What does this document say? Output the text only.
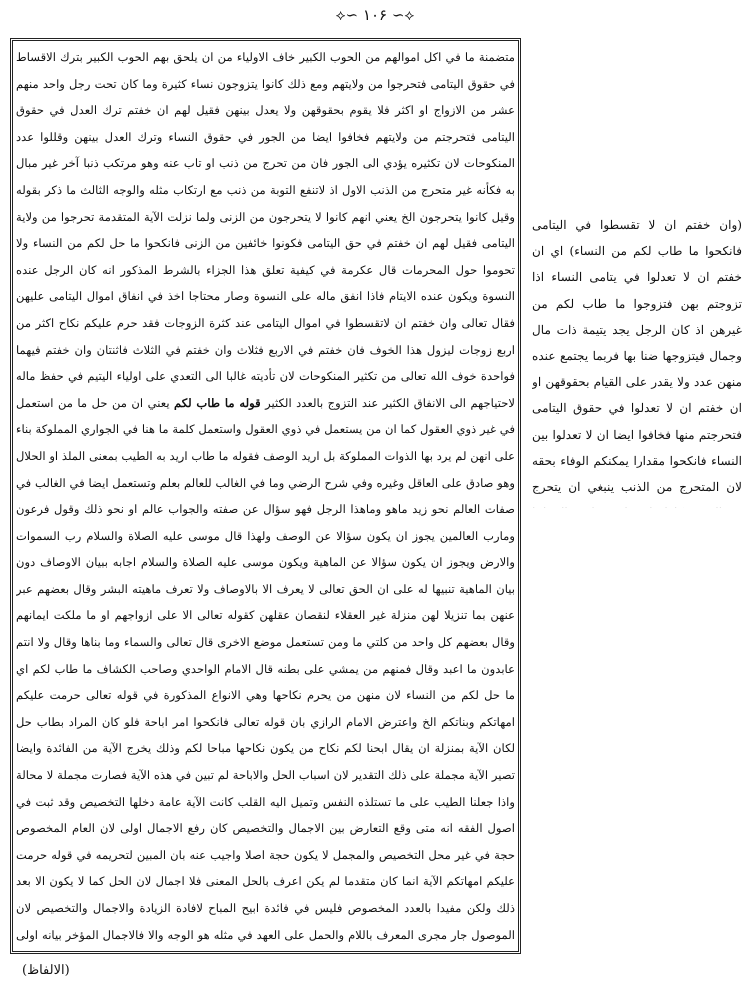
⟡∽ ۱۰۶ ∽⟡
متضمنة ما في اكل اموالهم من الحوب الكبير خاف الاولياء من ان يلحق بهم الحوب الكبير بترك الاقساط في حقوق اليتامى فتحرجوا من ولايتهم ومع ذلك كانوا يتزوجون نساء كثيرة وما كان تحت رجل واحد منهم عشر من الازواج او اكثر فلا يقوم بحقوقهن ولا يعدل بينهن فقيل لهم ان خفتم ترك العدل في حقوق اليتامى فتحرجتم من ولايتهم فخافوا ايضا من الجور في حقوق النساء وترك العدل بينهن وقللوا عدد المنكوحات لان تكثيره يؤدي الى الجور فان من تحرج من ذنب او تاب عنه وهو مرتكب ذنبا آخر غير مبال به فكأنه غير متحرج من الذنب الاول اذ لاتنفع التوبة من ذنب مع ارتكاب مثله والوجه الثالث ما ذكر بقوله وقيل كانوا يتحرجون الخ يعني انهم كانوا لا يتحرجون من الزنى ولما نزلت الآية المتقدمة تحرجوا من ولاية اليتامى فقيل لهم ان خفتم في حق اليتامى فكونوا خائفين من الزنى فانكحوا ما حل لكم من النساء ولا تحوموا حول المحرمات قال عكرمة في كيفية تعلق هذا الجزاء بالشرط المذكور انه كان الرجل عنده النسوة ويكون عنده الايتام فاذا انفق ماله على النسوة وصار محتاجا اخذ في انفاق اموال اليتامى عليهن فقال تعالى وان خفتم ان لاتقسطوا في اموال اليتامى عند كثرة الزوجات فقد حرم عليكم نكاح اكثر من اربع زوجات ليزول هذا الخوف فان خفتم في الاربع فثلاث وان خفتم في الثلاث فاثنتان وان خفتم فيهما فواحدة خوف الله تعالى من تكثير المنكوحات لان تأديته غالبا الى التعدي على اولياء اليتيم في حفظ ماله لاحتياجهم الى الانفاق الكثير عند التزوج بالعدد الكثير قوله ما طاب لكم يعني ان من حل ما من استعمل في غير ذوي العقول كما ان من يستعمل في ذوي العقول واستعمل كلمة ما هنا في الجواري المملوكة بناء على انهن لم يرد بها الذوات المملوكة بل اريد الوصف فقوله ما طاب اريد به الطيب بمعنى الملذ او الحلال وهو صادق على العاقل وغيره وفي شرح الرضي وما في الغالب للعالم بعلم وتستعمل ايضا في الغالب في صفات العالم نحو زيد ماهو وماهذا الرجل فهو سؤال عن صفته والجواب عالم او نحو ذلك وقول فرعون ومارب العالمين يجوز ان يكون سؤالا عن الوصف ولهذا قال موسى عليه الصلاة والسلام رب السموات والارض ويجوز ان يكون سؤالا عن الماهية ويكون موسى عليه الصلاة والسلام اجابه ببيان الاوصاف دون بيان الماهية تنبيها له على ان الحق تعالى لا يعرف الا بالاوصاف ولا تعرف ماهيته البشر وقال بعضهم عبر عنهن بما تنزيلا لهن منزلة غير العقلاء لنقصان عقلهن كقوله تعالى الا على ازواجهم او ما ملكت ايمانهم وقال بعضهم كل واحد من كلتي ما ومن تستعمل موضع الاخرى قال تعالى والسماء وما بناها وقال ولا انتم عابدون ما اعبد وقال فمنهم من يمشي على بطنه قال الامام الواحدي وصاحب الكشاف ما طاب لكم اي ما حل لكم من النساء لان منهن من يحرم نكاحها وهي الانواع المذكورة في قوله تعالى حرمت عليكم امهاتكم وبناتكم الخ واعترض الامام الرازي بان قوله تعالى فانكحوا امر اباحة فلو كان المراد بطاب حل لكان الآية بمنزلة ان يقال ابحنا لكم نكاح من يكون نكاحها مباحا لكم وذلك يخرج الآية من الفائدة وايضا تصير الآية مجملة على ذلك التقدير لان اسباب الحل والاباحة لم تبين في هذه الآية فصارت مجملة لا محالة واذا جعلنا الطيب على ما تستلذه النفس وتميل اليه القلب كانت الآية عامة دخلها التخصيص وقد ثبت في اصول الفقه انه متى وقع التعارض بين الاجمال والتخصيص كان رفع الاجمال اولى لان العام المخصوص حجة في غير محل التخصيص والمجمل لا يكون حجة اصلا واجيب عنه بان المبين لتحريمه في قوله حرمت عليكم امهاتكم الآية انما كان متقدما لم يكن اعرف بالحل المعنى فلا اجمال لان الحل كما لا يكون الا بعد ذلك ولكن مفيدا بالعدد المخصوص فليس في فائدة ابيح المباح لافادة الزيادة والاجمال والتخصيص لان الموصول جار مجرى المعرف باللام والحمل على العهد في مثله هو الوجه والا فالاجمال المؤخر بيانه اولى
(وان خفتم ان لا تقسطوا في اليتامى فانكحوا ما طاب لكم من النساء) اي ان خفتم ان لا تعدلوا في يتامى النساء اذا تزوجتم بهن فتزوجوا ما طاب لكم من غيرهن اذ كان الرجل يجد يتيمة ذات مال وجمال فيتزوجها ضنا بها فربما يجتمع عنده منهن عدد ولا يقدر على القيام بحقوقهن او ان خفتم ان لا تعدلوا في حقوق اليتامى فتحرجتم منها فخافوا ايضا ان لا تعدلوا بين النساء فانكحوا مقدارا يمكنكم الوفاء بحقه لان المتحرج من الذنب ينبغي ان يتحرج
(الالفاظ)
